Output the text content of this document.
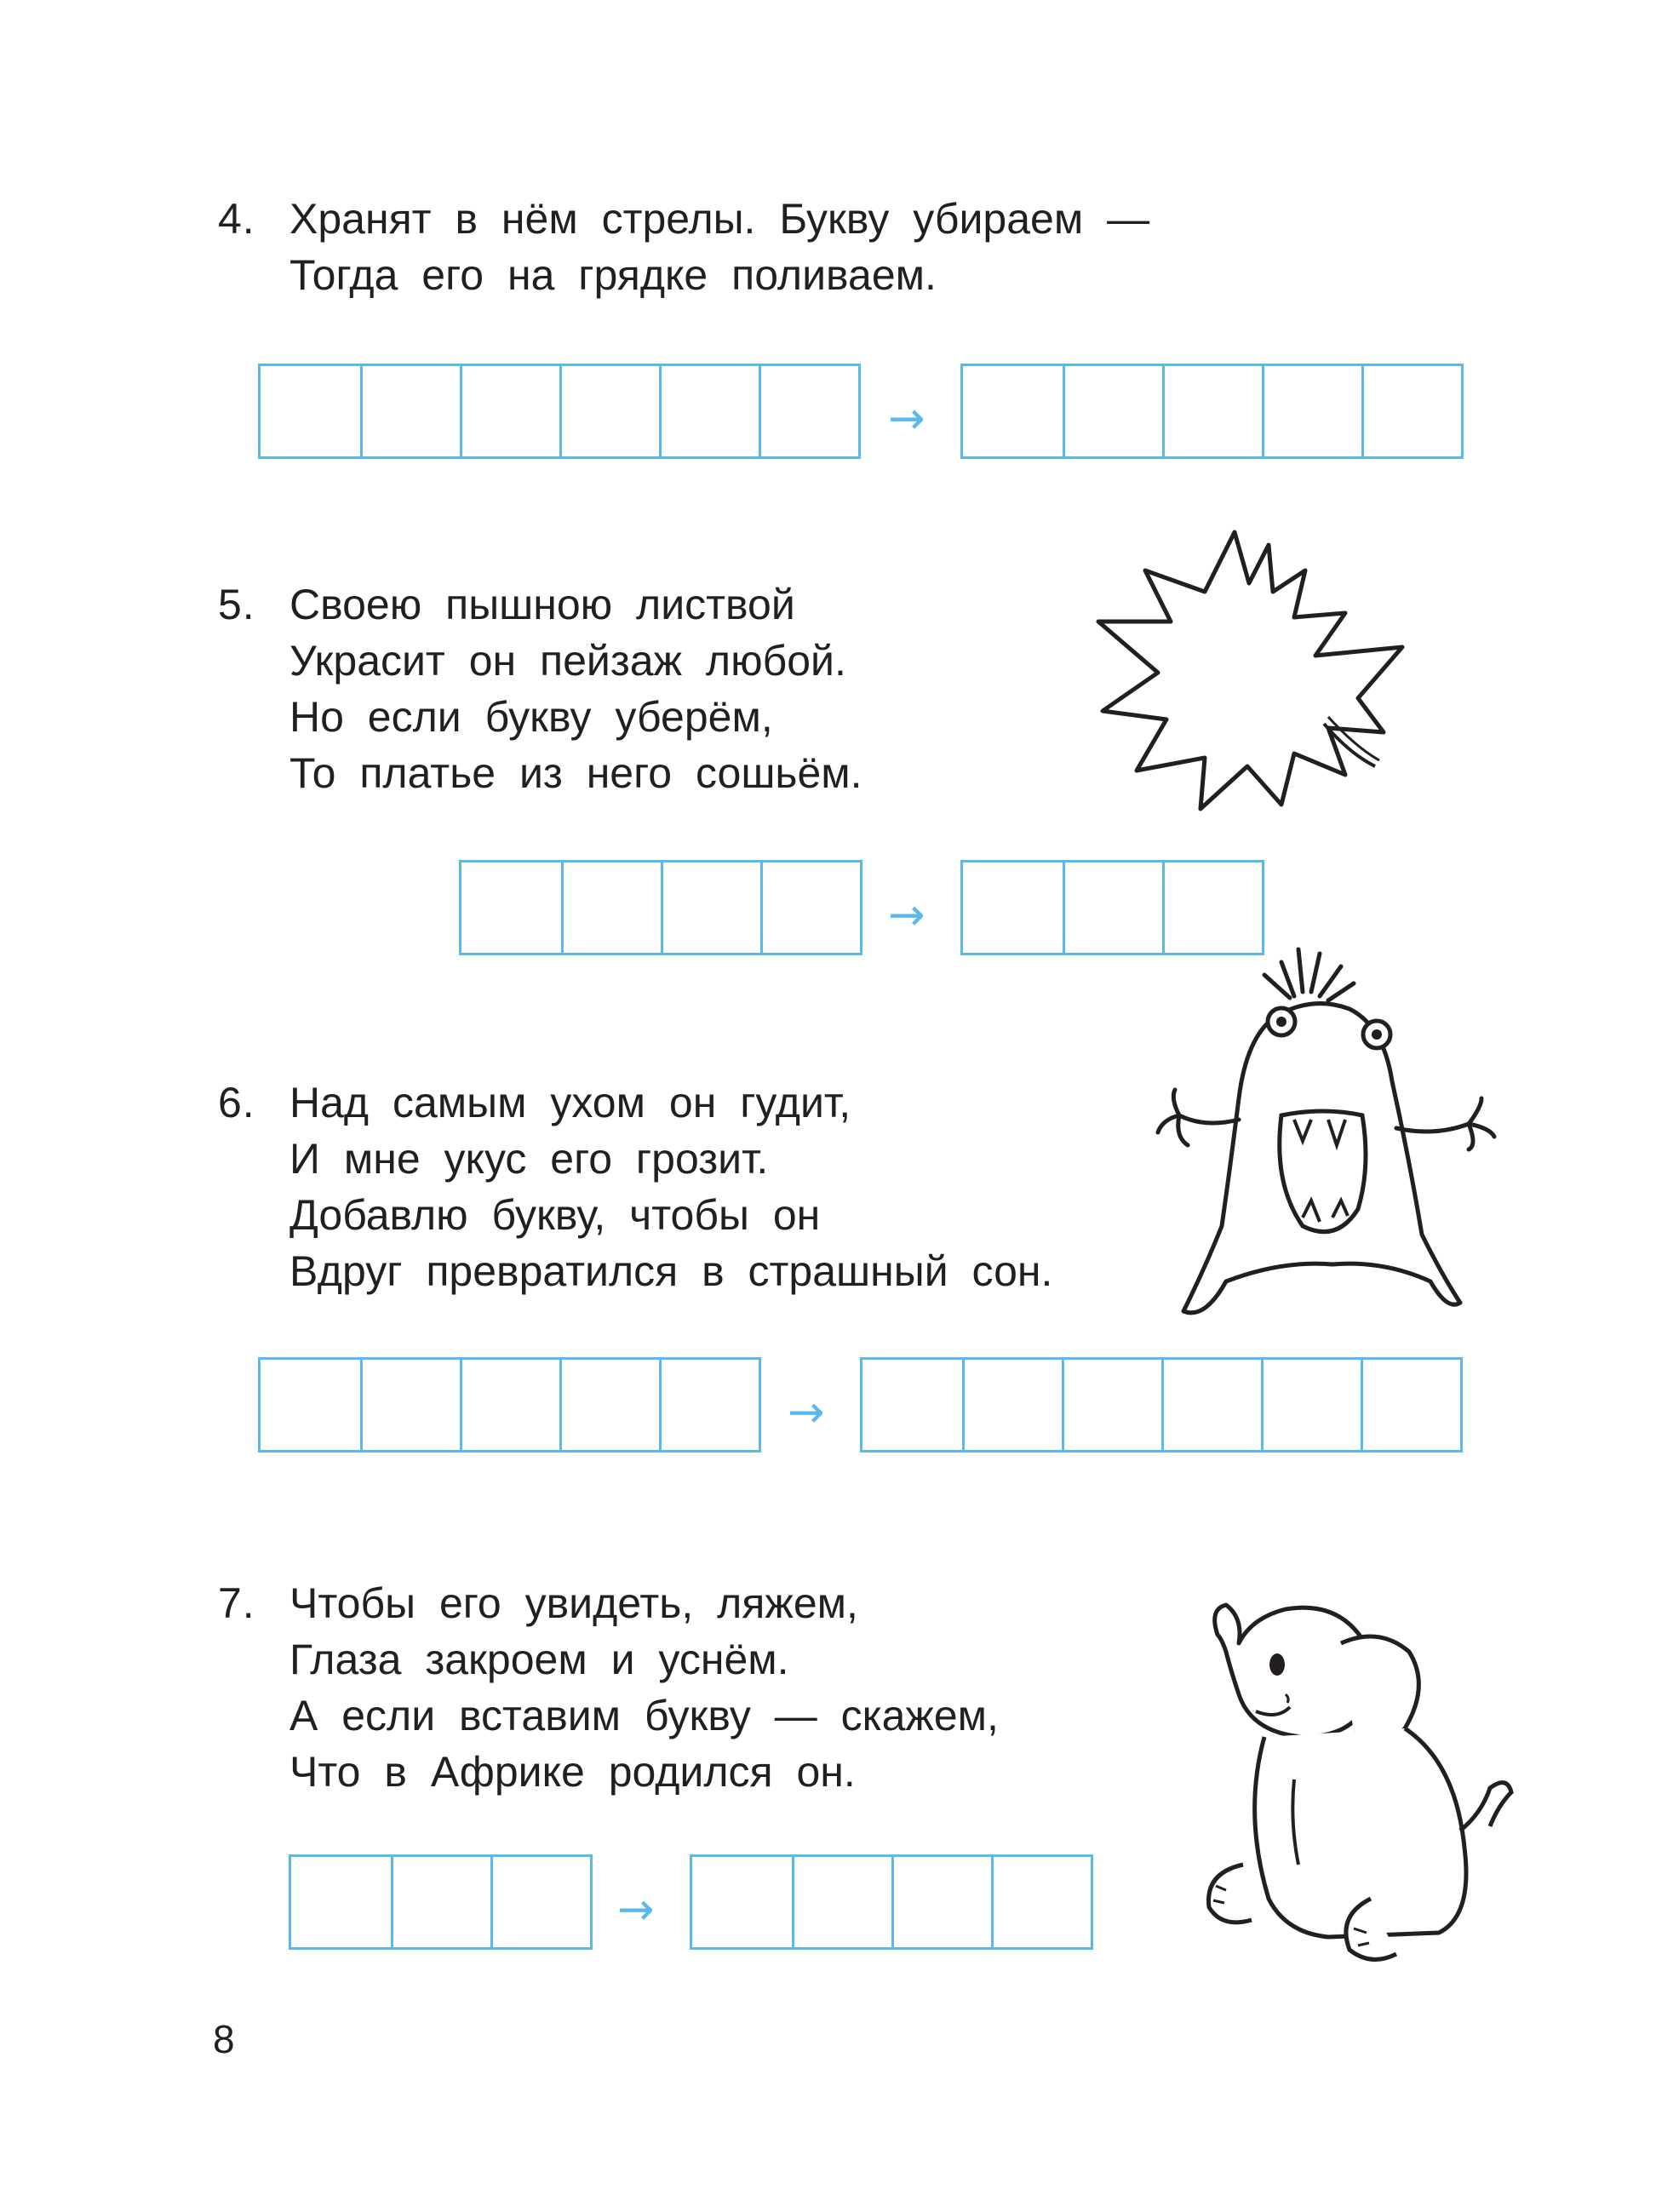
4. Хранят в нём стрелы. Букву убираем —
Тогда его на грядке поливаем.
→
5. Своею пышною листвой
Украсит он пейзаж любой.
Но если букву уберём,
То платье из него сошьём.
→
6. Над самым ухом он гудит,
И мне укус его грозит.
Добавлю букву, чтобы он
Вдруг превратился в страшный сон.
→
7. Чтобы его увидеть, ляжем,
Глаза закроем и уснём.
А если вставим букву — скажем,
Что в Африке родился он.
→
8
